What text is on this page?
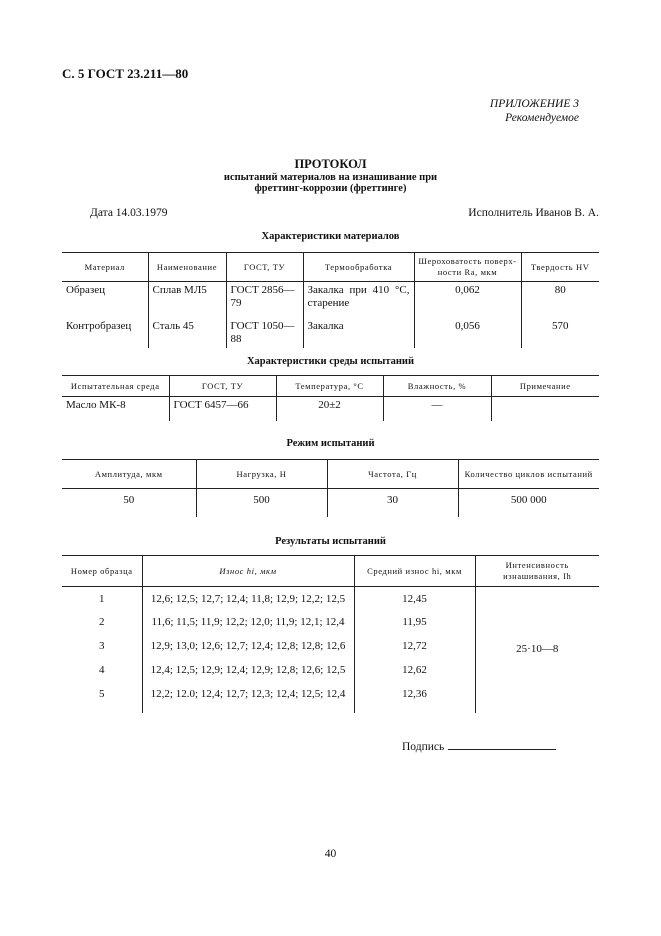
С. 5 ГОСТ 23.211—80
ПРИЛОЖЕНИЕ 3
Рекомендуемое
ПРОТОКОЛ
испытаний материалов на изнашивание при
фреттинг-коррозии (фреттинге)
Дата 14.03.1979	Исполнитель Иванов В. А.
Характеристики материалов
Материал	Наименование	ГОСТ, ТУ	Термообработка	Шероховатость поверх-ности Ra, мкм	Твердость HV
Образец	Сплав МЛ5	ГОСТ 2856—79	Закалка при 410 °С, старение	0,062	80
Контробразец	Сталь 45	ГОСТ 1050—88	Закалка	0,056	570
Характеристики среды испытаний
Испытательная среда	ГОСТ, ТУ	Температура, °С	Влажность, %	Примечание
Масло МК-8	ГОСТ 6457—66	20±2	—	
Режим испытаний
Амплитуда, мкм	Нагрузка, Н	Частота, Гц	Количество циклов испытаний
50	500	30	500 000
Результаты испытаний
Номер образца	Износ hi, мкм	Средний износ hi, мкм	Интенсивность изнашивания, Ih
1	12,6; 12,5; 12,7; 12,4; 11,8; 12,9; 12,2; 12,5	12,45	25·10—8
2	11,6; 11,5; 11,9; 12,2; 12,0; 11,9; 12,1; 12,4	11,95	
3	12,9; 13,0; 12,6; 12,7; 12,4; 12,8; 12,8; 12,6	12,72	
4	12,4; 12,5; 12,9; 12,4; 12,9; 12,8; 12,6; 12,5	12,62	
5	12,2; 12.0; 12,4; 12,7; 12,3; 12,4; 12,5; 12,4	12,36	
Подпись
40
